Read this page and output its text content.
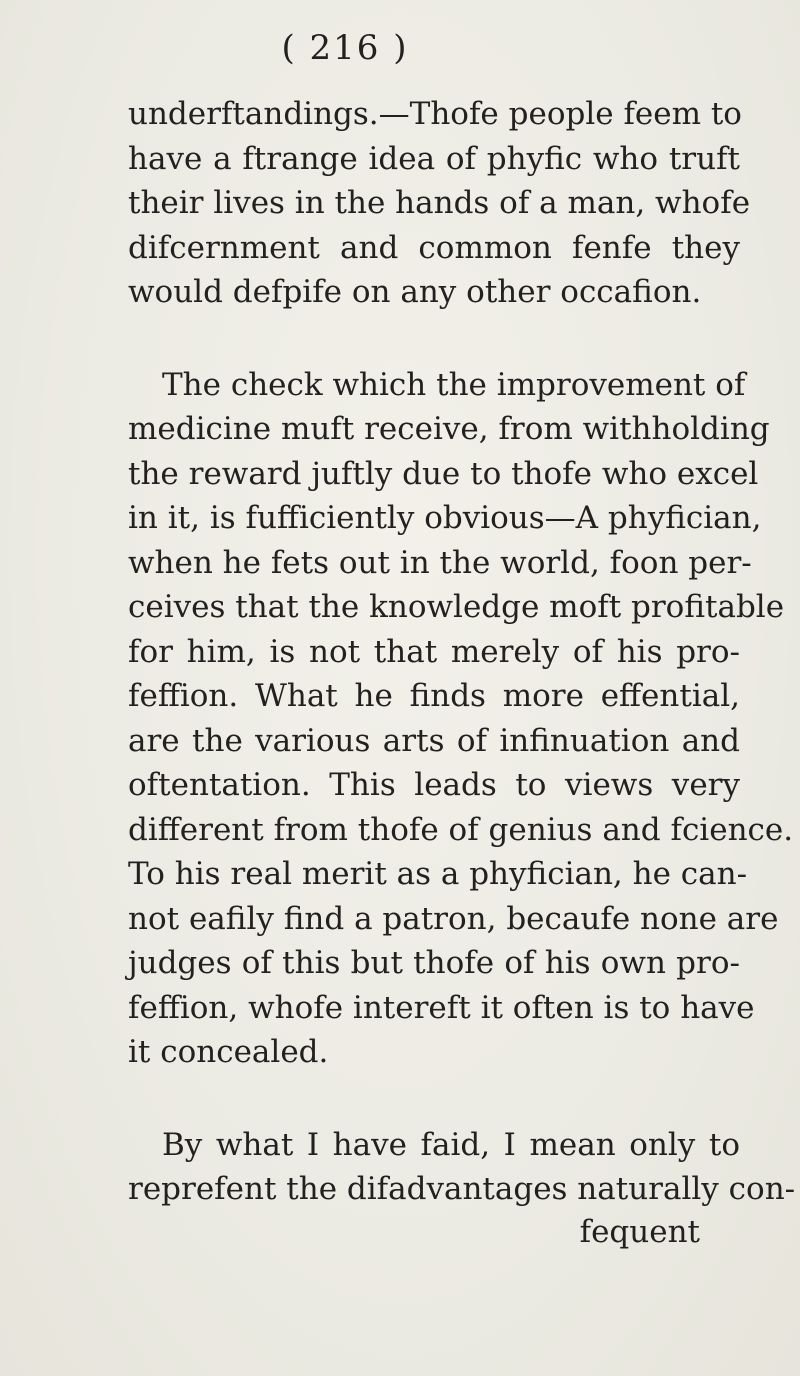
( 216 )
underftandings.—Thofe people feem to
have a ftrange idea of phyfic who truft
their lives in the hands of a man, whofe
difcernment and common fenfe they
would defpife on any other occafion.
The check which the improvement of
medicine muft receive, from withholding
the reward juftly due to thofe who excel
in it, is fufficiently obvious—A phyfician,
when he fets out in the world, foon per-
ceives that the knowledge moft profitable
for him, is not that merely of his pro-
feffion. What he finds more effential,
are the various arts of infinuation and
oftentation. This leads to views very
different from thofe of genius and fcience.
To his real merit as a phyfician, he can-
not eafily find a patron, becaufe none are
judges of this but thofe of his own pro-
feffion, whofe intereft it often is to have
it concealed.
By what I have faid, I mean only to
reprefent the difadvantages naturally con-
fequent
